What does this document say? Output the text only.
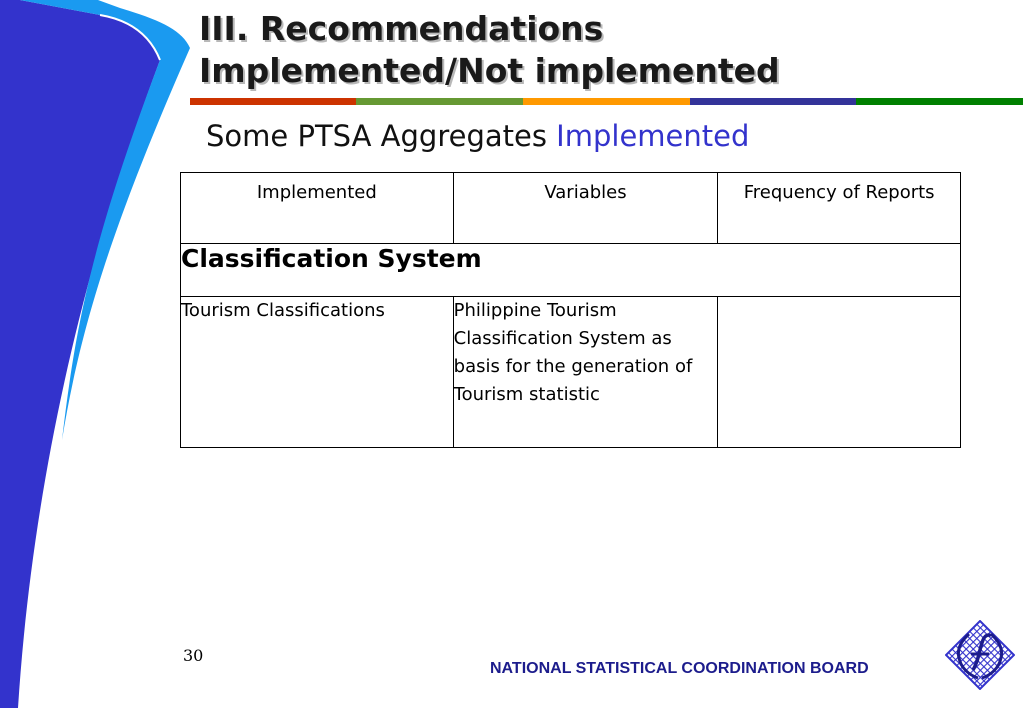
III. Recommendations
Implemented/Not implemented
Some PTSA Aggregates Implemented
Implemented	Variables	Frequency of Reports

Classification System		
Tourism Classifications	Philippine Tourism Classification System as basis for the generation of Tourism statistic	
30
NATIONAL STATISTICAL COORDINATION BOARD
